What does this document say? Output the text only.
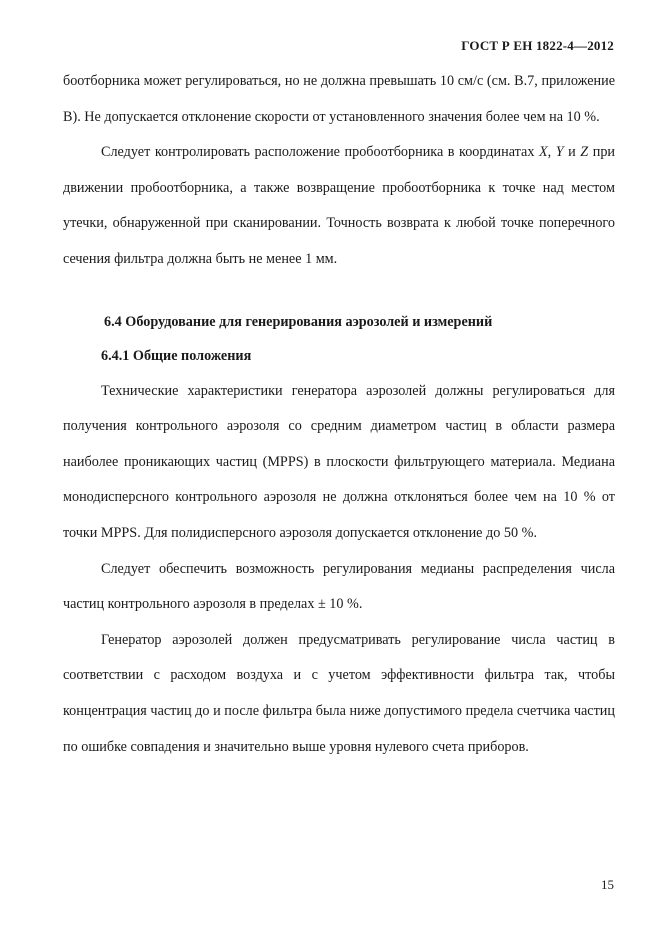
ГОСТ Р ЕН 1822-4—2012

боотборника может регулироваться, но не должна превышать 10 см/с (см. В.7, приложение В). Не допускается отклонение скорости от установленного значения более чем на 10 %.

Следует контролировать расположение пробоотборника в координатах X, Y и Z при движении пробоотборника, а также возвращение пробоотборника к точке над местом утечки, обнаруженной при сканировании. Точность возврата к любой точке поперечного сечения фильтра должна быть не менее 1 мм.

6.4 Оборудование для генерирования аэрозолей и измерений

6.4.1 Общие положения

Технические характеристики генератора аэрозолей должны регулироваться для получения контрольного аэрозоля со средним диаметром частиц в области размера наиболее проникающих частиц (MPPS) в плоскости фильтрующего материала. Медиана монодисперсного контрольного аэрозоля не должна отклоняться более чем на 10 % от точки MPPS. Для полидисперсного аэрозоля допускается отклонение до 50 %.

Следует обеспечить возможность регулирования медианы распределения числа частиц контрольного аэрозоля в пределах ± 10 %.

Генератор аэрозолей должен предусматривать регулирование числа частиц в соответствии с расходом воздуха и с учетом эффективности фильтра так, чтобы концентрация частиц до и после фильтра была ниже допустимого предела счетчика частиц по ошибке совпадения и значительно выше уровня нулевого счета приборов.

15
